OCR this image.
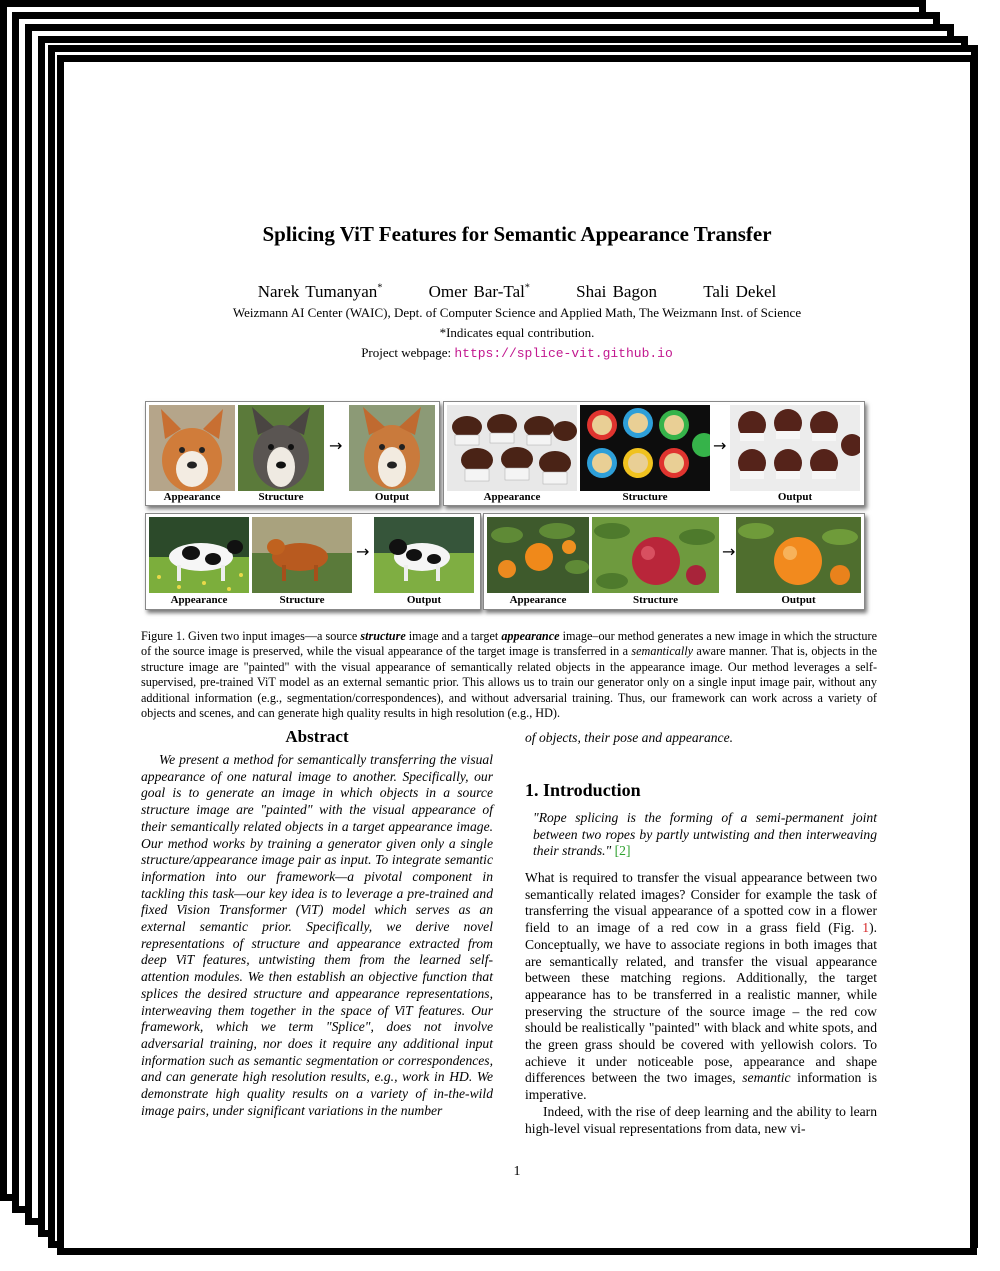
Splicing ViT Features for Semantic Appearance Transfer
Narek Tumanyan*	Omer Bar-Tal*	Shai Bagon	Tali Dekel
Weizmann AI Center (WAIC), Dept. of Computer Science and Applied Math, The Weizmann Inst. of Science
*Indicates equal contribution.
Project webpage: https://splice-vit.github.io
→
Appearance	Structure	Output
→
Appearance	Structure	Output
→
Appearance	Structure	Output
→
Appearance	Structure	Output
Figure 1. Given two input images—a source structure image and a target appearance image–our method generates a new image in which the structure of the source image is preserved, while the visual appearance of the target image is transferred in a semantically aware manner. That is, objects in the structure image are "painted" with the visual appearance of semantically related objects in the appearance image. Our method leverages a self-supervised, pre-trained ViT model as an external semantic prior. This allows us to train our generator only on a single input image pair, without any additional information (e.g., segmentation/correspondences), and without adversarial training. Thus, our framework can work across a variety of objects and scenes, and can generate high quality results in high resolution (e.g., HD).
Abstract

We present a method for semantically transferring the visual appearance of one natural image to another. Specifically, our goal is to generate an image in which objects in a source structure image are "painted" with the visual appearance of their semantically related objects in a target appearance image. Our method works by training a generator given only a single structure/appearance image pair as input. To integrate semantic information into our framework—a pivotal component in tackling this task—our key idea is to leverage a pre-trained and fixed Vision Transformer (ViT) model which serves as an external semantic prior. Specifically, we derive novel representations of structure and appearance extracted from deep ViT features, untwisting them from the learned self-attention modules. We then establish an objective function that splices the desired structure and appearance representations, interweaving them together in the space of ViT features. Our framework, which we term "Splice", does not involve adversarial training, nor does it require any additional input information such as semantic segmentation or correspondences, and can generate high resolution results, e.g., work in HD. We demonstrate high quality results on a variety of in-the-wild image pairs, under significant variations in the number

of objects, their pose and appearance.
1. Introduction
"Rope splicing is the forming of a semi-permanent joint between two ropes by partly untwisting and then interweaving their strands." [2]

What is required to transfer the visual appearance between two semantically related images? Consider for example the task of transferring the visual appearance of a spotted cow in a flower field to an image of a red cow in a grass field (Fig. 1). Conceptually, we have to associate regions in both images that are semantically related, and transfer the visual appearance between these matching regions. Additionally, the target appearance has to be transferred in a realistic manner, while preserving the structure of the source image – the red cow should be realistically "painted" with black and white spots, and the green grass should be covered with yellowish colors. To achieve it under noticeable pose, appearance and shape differences between the two images, semantic information is imperative.

Indeed, with the rise of deep learning and the ability to learn high-level visual representations from data, new vi-

1
